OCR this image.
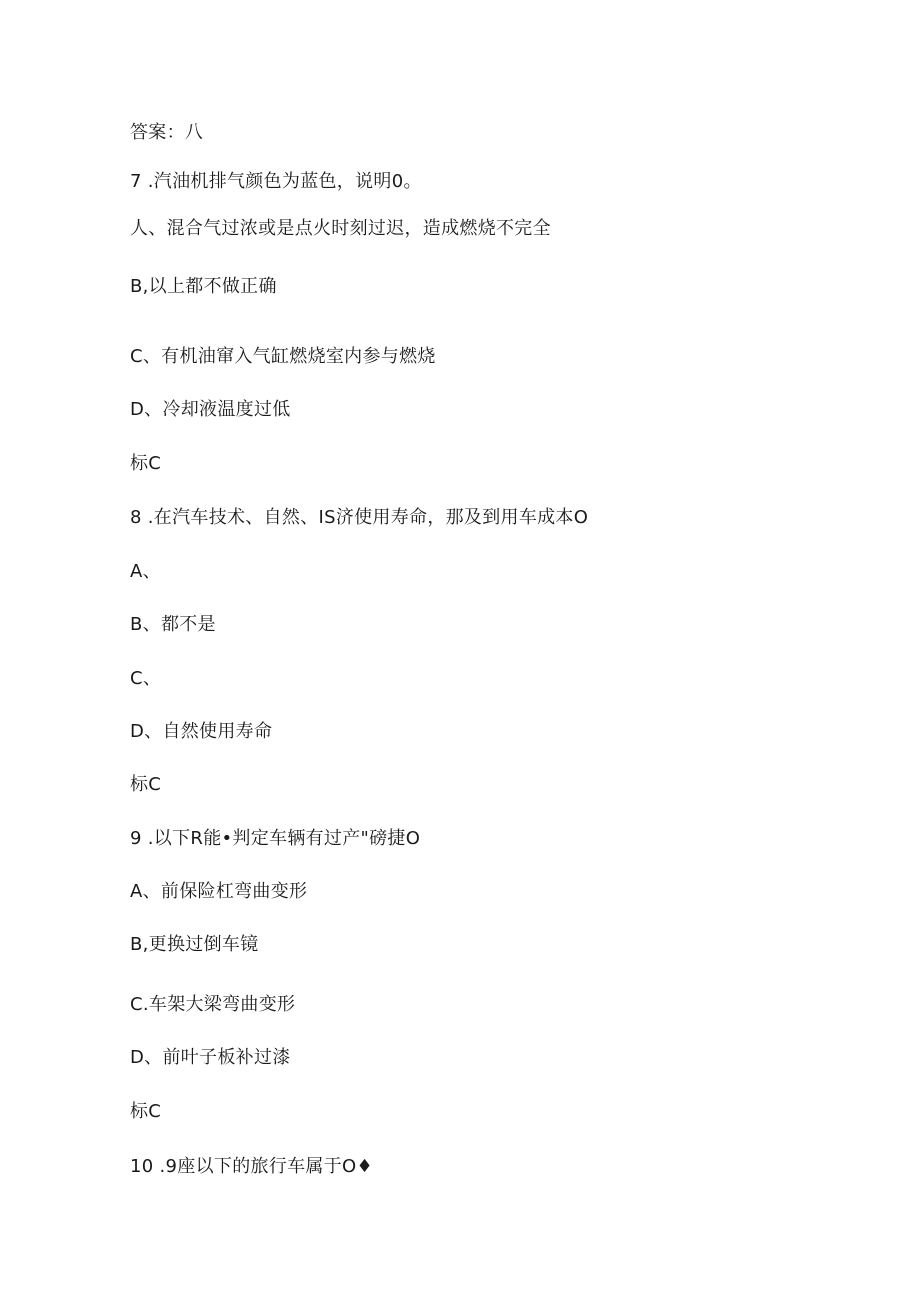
答案：八
7 .汽油机排气颜色为蓝色，说明0。
人、混合气过浓或是点火时刻过迟，造成燃烧不完全
B,以上都不做正确
C、有机油窜入气缸燃烧室内参与燃烧
D、冷却液温度过低
标C
8 .在汽车技术、自然、IS济使用寿命，那及到用车成本O
A、
B、都不是
C、
D、自然使用寿命
标C
9 .以下R能•判定车辆有过产"磅捷O
A、前保险杠弯曲变形
B,更换过倒车镜
C.车架大梁弯曲变形
D、前叶子板补过漆
标C
10 .9座以下的旅行车属于O♦
